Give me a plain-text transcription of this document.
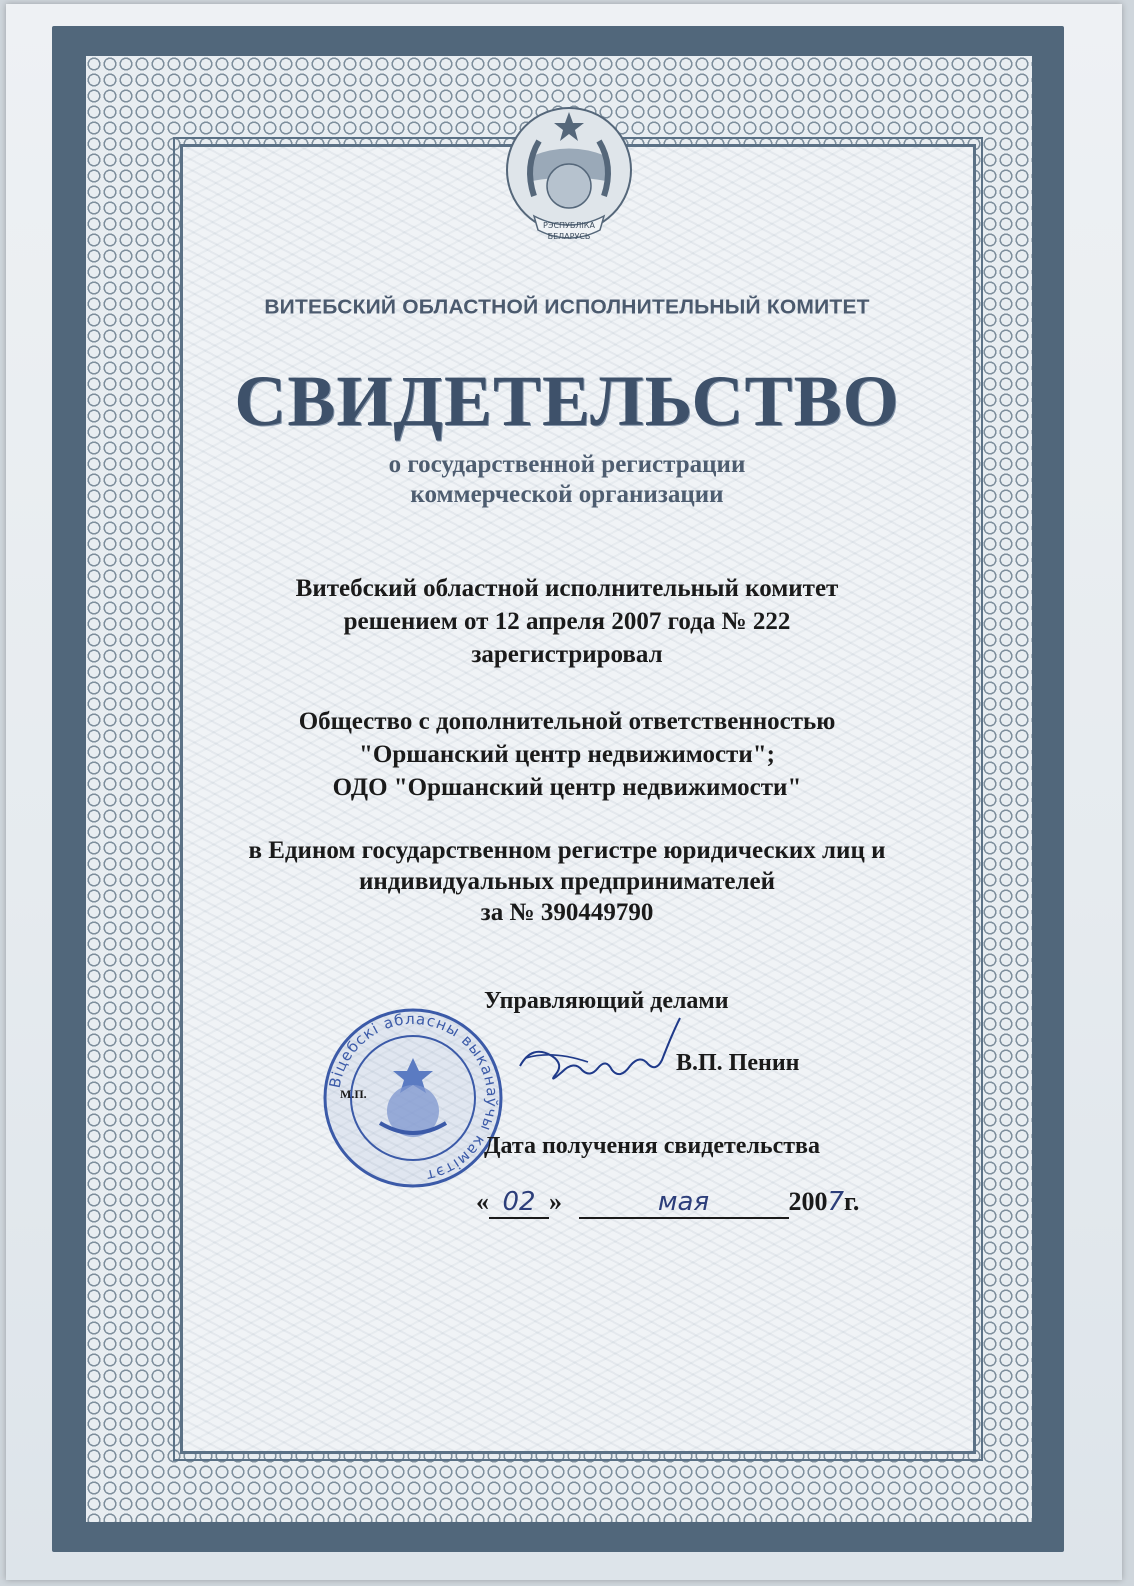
РЭСПУБЛІКА
БЕЛАРУСЬ
ВИТЕБСКИЙ ОБЛАСТНОЙ ИСПОЛНИТЕЛЬНЫЙ КОМИТЕТ
СВИДЕТЕЛЬСТВО
о государственной регистрации
коммерческой организации
Витебский областной исполнительный комитет
решением от 12 апреля 2007 года № 222
зарегистрировал
Общество с дополнительной ответственностью
"Оршанский центр недвижимости";
ОДО "Оршанский центр недвижимости"
в Едином государственном регистре юридических лиц и
индивидуальных предпринимателей
за № 390449790
Управляющий делами
Віцебскі абласны выканаўчы камітэт
М.П.
В.П. Пенин
Дата получения свидетельства
« 02 »	мая	2007г.
